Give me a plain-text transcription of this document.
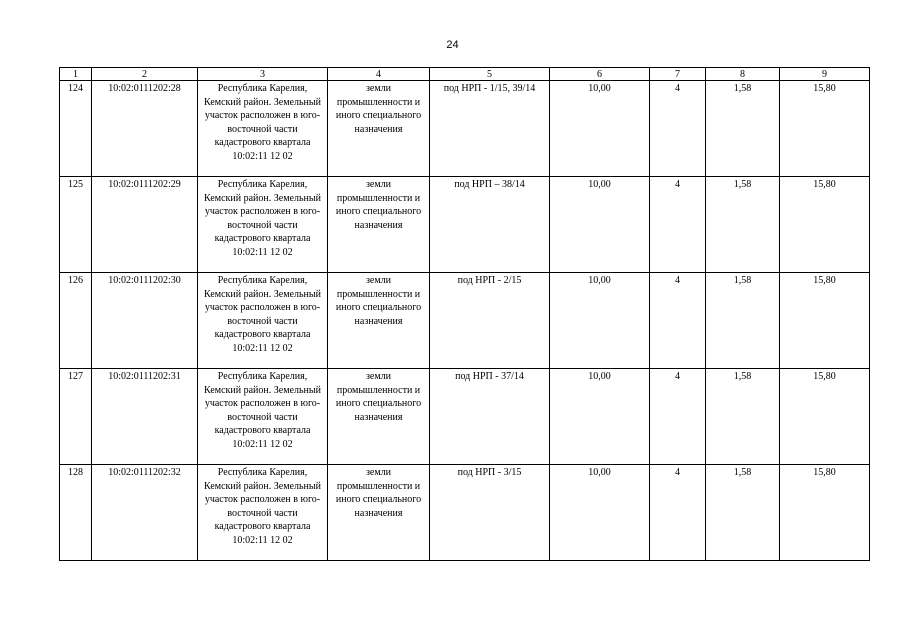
24
1	2	3	4	5	6	7	8	9
124	10:02:0111202:28	Республика Карелия, Кемский район. Земельный участок расположен в юго-восточной части кадастрового квартала 10:02:11 12 02	земли промышленности и иного специального назначения	под НРП - 1/15, 39/14	10,00	4	1,58	15,80
125	10:02:0111202:29	Республика Карелия, Кемский район. Земельный участок расположен в юго-восточной части кадастрового квартала 10:02:11 12 02	земли промышленности и иного специального назначения	под НРП – 38/14	10,00	4	1,58	15,80
126	10:02:0111202:30	Республика Карелия, Кемский район. Земельный участок расположен в юго-восточной части кадастрового квартала 10:02:11 12 02	земли промышленности и иного специального назначения	под НРП - 2/15	10,00	4	1,58	15,80
127	10:02:0111202:31	Республика Карелия, Кемский район. Земельный участок расположен в юго-восточной части кадастрового квартала 10:02:11 12 02	земли промышленности и иного специального назначения	под НРП - 37/14	10,00	4	1,58	15,80
128	10:02:0111202:32	Республика Карелия, Кемский район. Земельный участок расположен в юго-восточной части кадастрового квартала 10:02:11 12 02	земли промышленности и иного специального назначения	под НРП - 3/15	10,00	4	1,58	15,80
